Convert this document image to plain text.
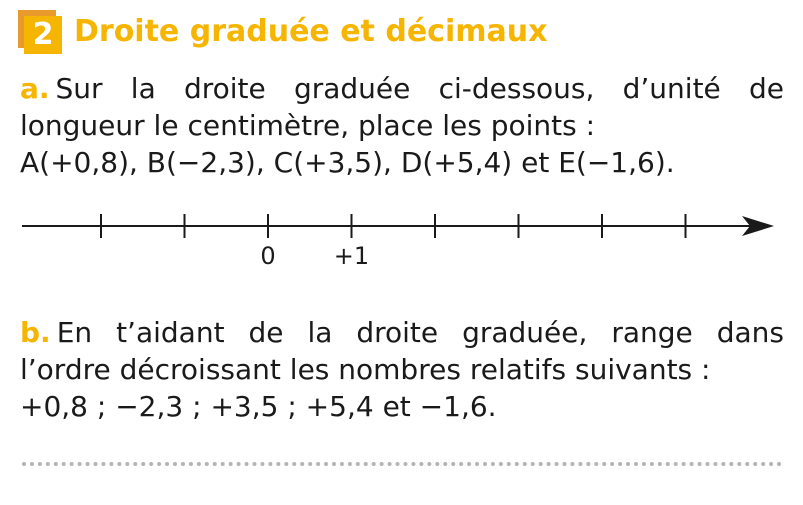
2 Droite graduée et décimaux
a. Sur la droite graduée ci-dessous, d’unité de
longueur le centimètre, place les points :
A(+0,8), B(−2,3), C(+3,5), D(+5,4) et E(−1,6).
0 +1
b. En t’aidant de la droite graduée, range dans
l’ordre décroissant les nombres relatifs suivants :
+0,8 ; −2,3 ; +3,5 ; +5,4 et −1,6.
